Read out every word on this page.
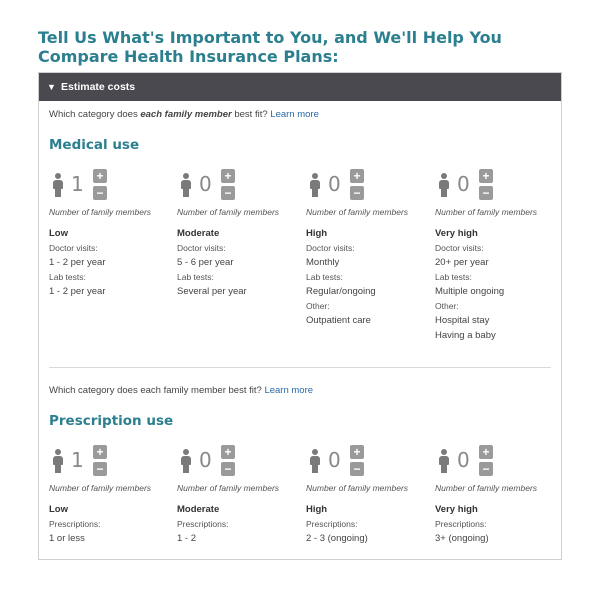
Tell Us What's Important to You, and We'll Help You Compare Health Insurance Plans:
▼ Estimate costs
Which category does each family member best fit? Learn more
Medical use
1 +
−
Number of family members
Low
Doctor visits:
1 - 2 per year
Lab tests:
1 - 2 per year
0 +
−
Number of family members
Moderate
Doctor visits:
5 - 6 per year
Lab tests:
Several per year
0 +
−
Number of family members
High
Doctor visits:
Monthly
Lab tests:
Regular/ongoing
Other:
Outpatient care
0 +
−
Number of family members
Very high
Doctor visits:
20+ per year
Lab tests:
Multiple ongoing
Other:
Hospital stay
Having a baby
Which category does each family member best fit? Learn more
Prescription use
1 +
−
Number of family members
Low
Prescriptions:
1 or less
0 +
−
Number of family members
Moderate
Prescriptions:
1 - 2
0 +
−
Number of family members
High
Prescriptions:
2 - 3 (ongoing)
0 +
−
Number of family members
Very high
Prescriptions:
3+ (ongoing)
